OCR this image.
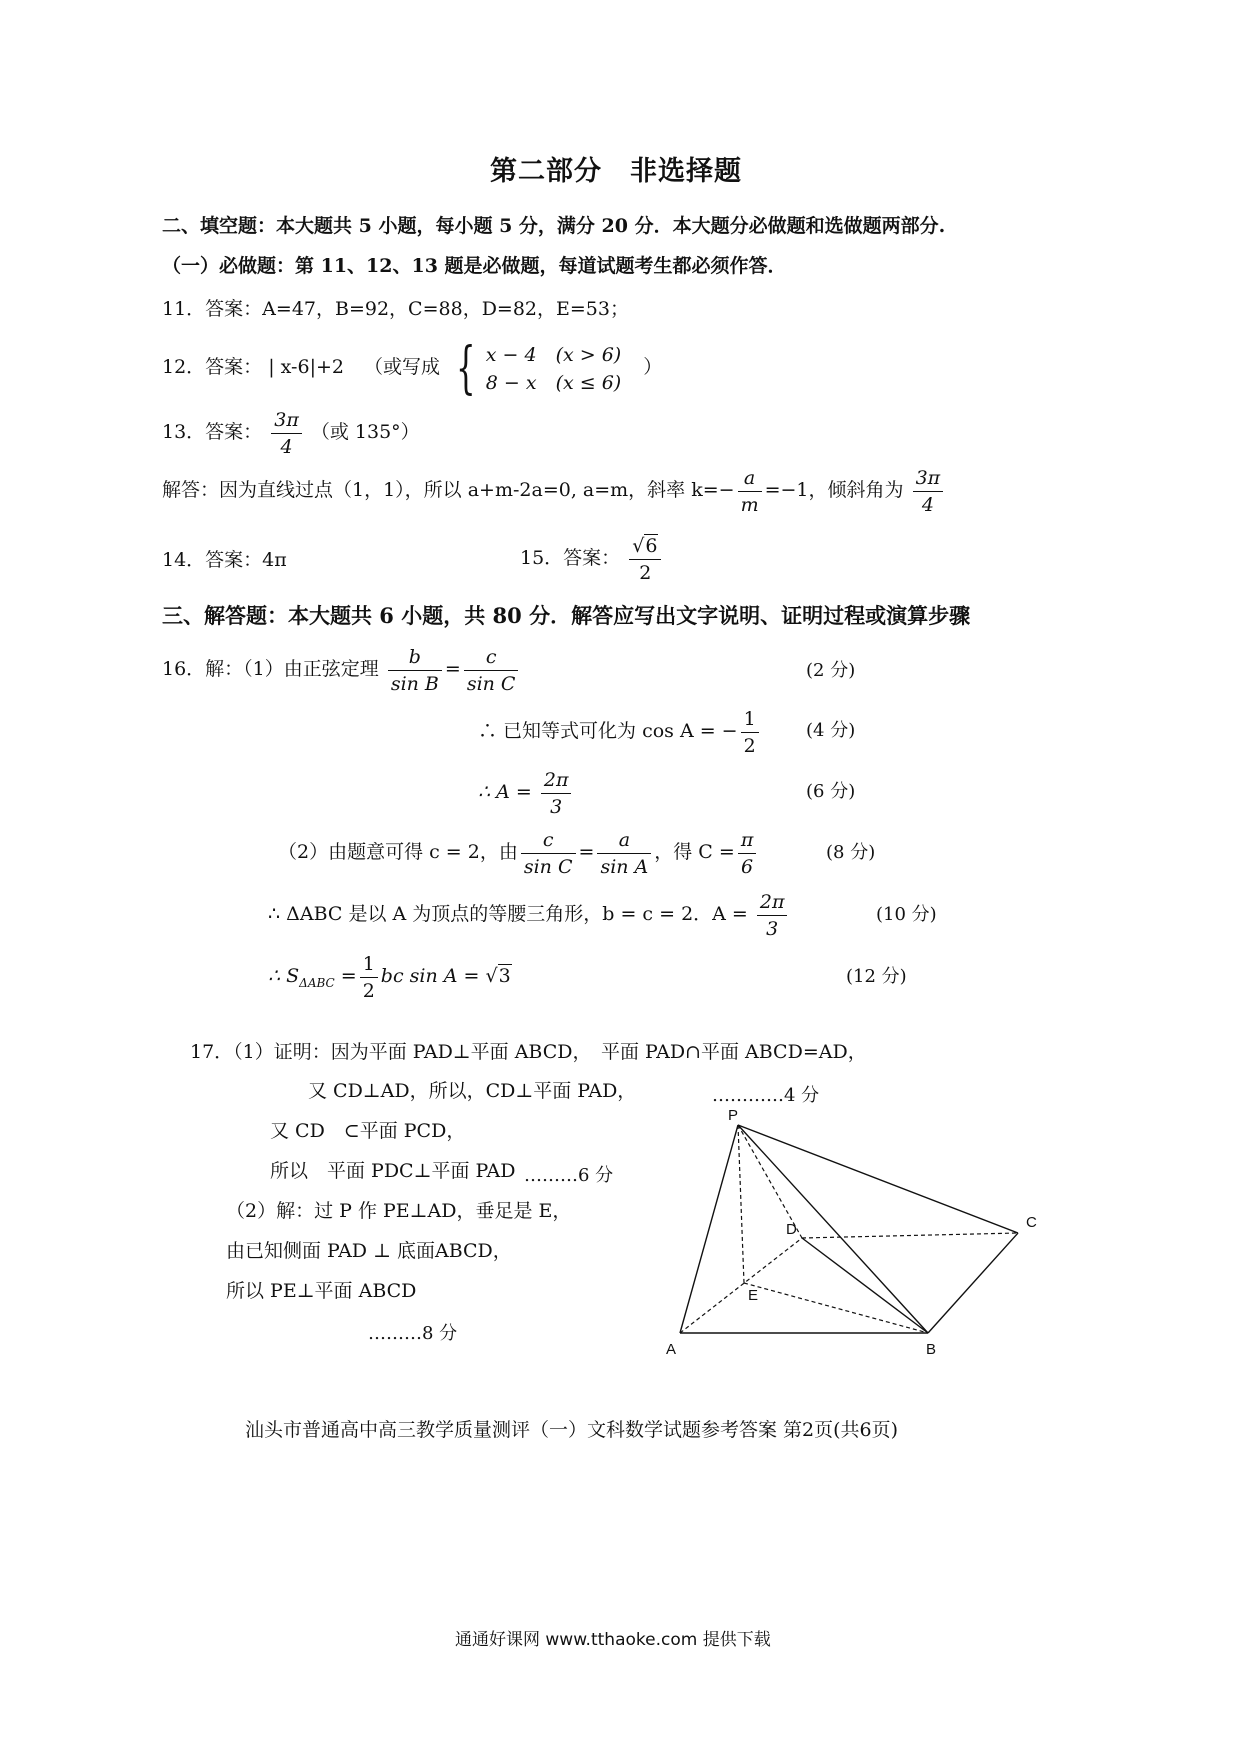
第二部分　非选择题
二、填空题：本大题共 5 小题，每小题 5 分，满分 20 分．本大题分必做题和选做题两部分.
（一）必做题：第 11、12、13 题是必做题，每道试题考生都必须作答．
11．答案：A=47，B=92，C=88，D=82，E=53；
12．答案： | x-6|+2 （或写成 { x − 4　(x > 6)
8 − x　(x ≤ 6)
）
13．答案： $\frac{3\pi}{4}$ （或 135°）
解答：因为直线过点（1，1），所以 a+m-2a=0, a=m，斜率 $k=- \frac{a}{m} =-1$，倾斜角为 $\frac{3\pi}{4}$
14．答案：4π	15．答案： $\frac{√6}{2}$
三、解答题：本大题共 6 小题，共 80 分．解答应写出文字说明、证明过程或演算步骤
16．解：（1）由正弦定理 $\frac{b}{\text{sin B}} = \frac{c}{\text{sin C}}$	(2 分)
∴ 已知等式可化为 cos A = − $\frac{1}{2}$	(4 分)
∴ $A = \frac{2\pi}{3}$	(6 分)
（2）由题意可得 c = 2，由 $\frac{c}{\text{sin C}} = \frac{a}{\text{sin A}}$ ，得 $C = \frac{\pi}{6}$	(8 分)
∴ ΔABC 是以 A 为顶点的等腰三角形，b = c = 2．$A = \frac{2\pi}{3}$	(10 分)
∴ $S_{\Delta ABC} = \frac{1}{2}$ bc sin A = √3	(12 分)
17．（1）证明：因为平面 PAD⊥平面 ABCD，　平面 PAD∩平面 ABCD=AD，
又 CD⊥AD，所以，CD⊥平面 PAD，	…………4 分
又 CD　⊂平面 PCD，
所以　平面 PDC⊥平面 PAD ………6 分
（2）解：过 P 作 PE⊥AD，垂足是 E，
由已知侧面 PAD ⊥ 底面ABCD，
所以 PE⊥平面 ABCD
………8 分
P
D	C
E
A	B
汕头市普通高中高三教学质量测评（一）文科数学试题参考答案 第2页(共6页)
通通好课网 www.tthaoke.com 提供下载
